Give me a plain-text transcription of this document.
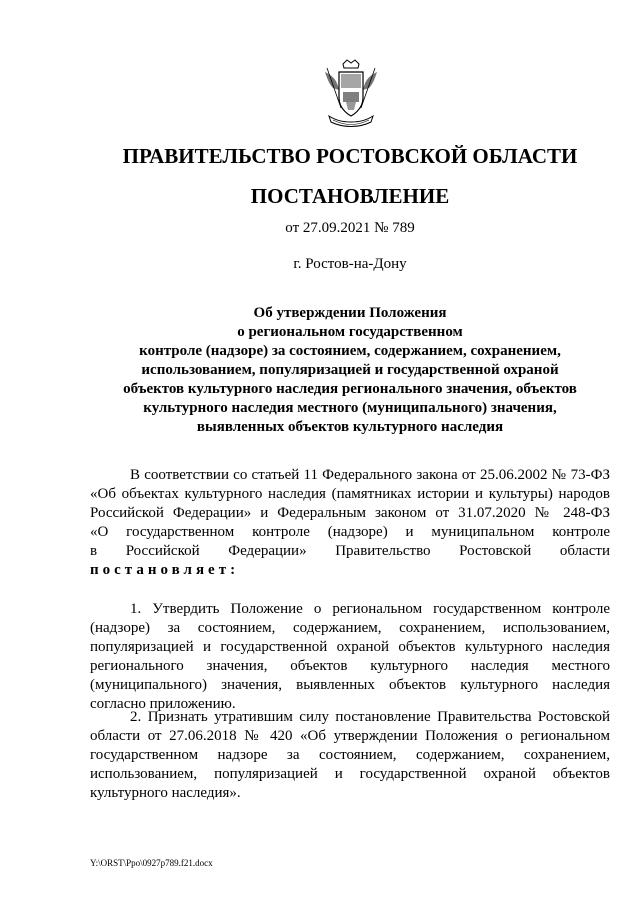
ПРАВИТЕЛЬСТВО РОСТОВСКОЙ ОБЛАСТИ
ПОСТАНОВЛЕНИЕ
от 27.09.2021 № 789
г. Ростов-на-Дону
Об утверждении Положения
о региональном государственном
контроле (надзоре) за состоянием, содержанием, сохранением,
использованием, популяризацией и государственной охраной
объектов культурного наследия регионального значения, объектов
культурного наследия местного (муниципального) значения,
выявленных объектов культурного наследия
В соответствии со статьей 11 Федерального закона от 25.06.2002 № 73-ФЗ
«Об объектах культурного наследия (памятниках истории и культуры) народов
Российской Федерации» и Федеральным законом от 31.07.2020 № 248-ФЗ
«О государственном контроле (надзоре) и муниципальном контроле
в Российской Федерации» Правительство Ростовской области
постановляет:
1. Утвердить Положение о региональном государственном контроле
(надзоре) за состоянием, содержанием, сохранением, использованием,
популяризацией и государственной охраной объектов культурного наследия
регионального значения, объектов культурного наследия местного
(муниципального) значения, выявленных объектов культурного наследия
согласно приложению.
2. Признать утратившим силу постановление Правительства Ростовской
области от 27.06.2018 № 420 «Об утверждении Положения о региональном
государственном надзоре за состоянием, содержанием, сохранением,
использованием, популяризацией и государственной охраной объектов
культурного наследия».
Y:\ORST\Ppo\0927p789.f21.docx
